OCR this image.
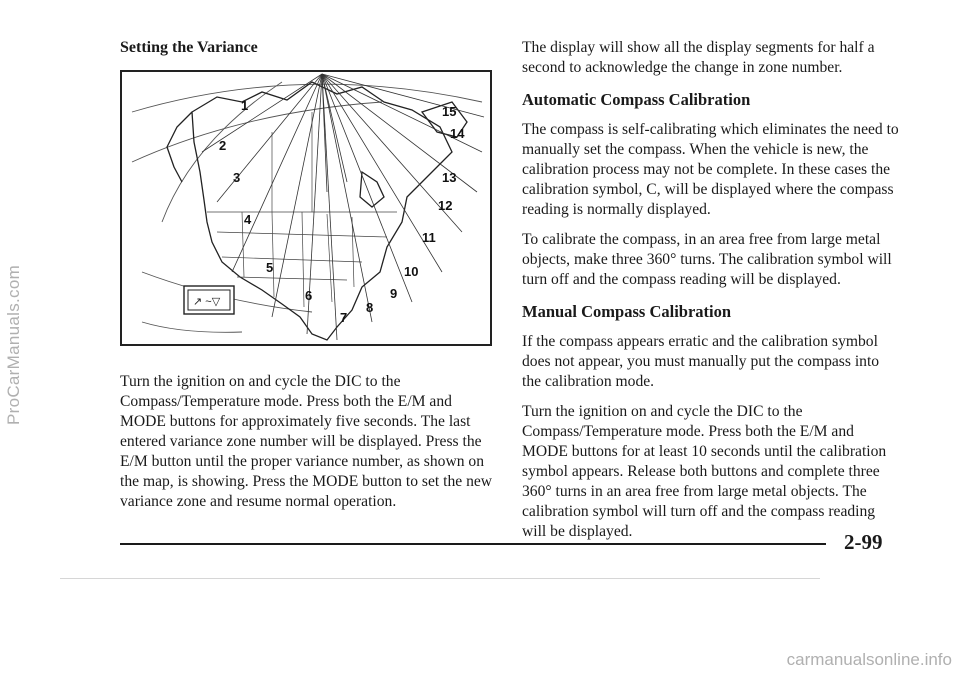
ProCarManuals.com
Setting the Variance
↗ ~▽
1
2
3
4
5
6
7
8
9
10
11
12
13
14
15

Turn the ignition on and cycle the DIC to the Compass/Temperature mode. Press both the E/M and MODE buttons for approximately five seconds. The last entered variance zone number will be displayed. Press the E/M button until the proper variance number, as shown on the map, is showing. Press the MODE button to set the new variance zone and resume normal operation.

The display will show all the display segments for half a second to acknowledge the change in zone number.

Automatic Compass Calibration

The compass is self-calibrating which eliminates the need to manually set the compass. When the vehicle is new, the calibration process may not be complete. In these cases the calibration symbol, C, will be displayed where the compass reading is normally displayed.

To calibrate the compass, in an area free from large metal objects, make three 360° turns. The calibration symbol will turn off and the compass reading will be displayed.

Manual Compass Calibration

If the compass appears erratic and the calibration symbol does not appear, you must manually put the compass into the calibration mode.

Turn the ignition on and cycle the DIC to the Compass/Temperature mode. Press both the E/M and MODE buttons for at least 10 seconds until the calibration symbol appears. Release both buttons and complete three 360° turns in an area free from large metal objects. The calibration symbol will turn off and the compass reading will be displayed.	2-99
carmanualsonline.info
